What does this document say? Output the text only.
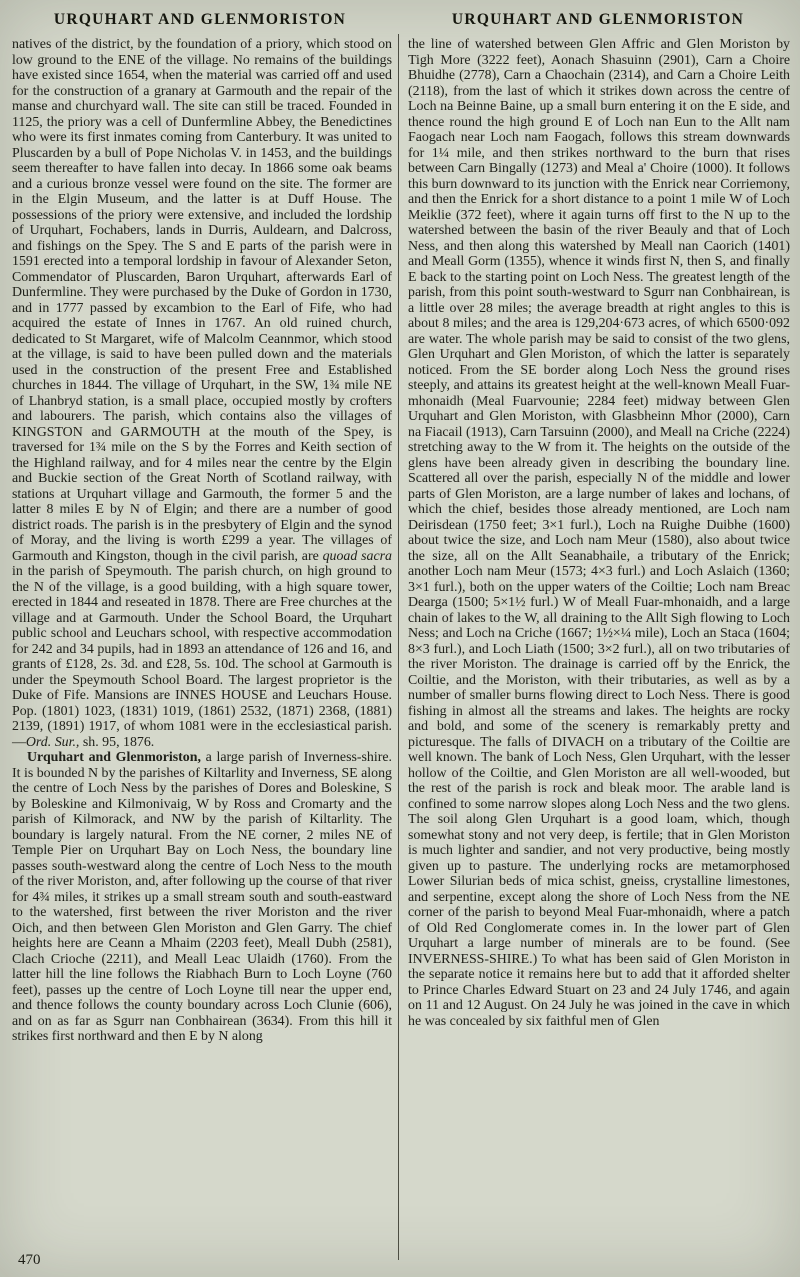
URQUHART AND GLENMORISTON	URQUHART AND GLENMORISTON

natives of the district, by the foundation of a priory, which stood on low ground to the ENE of the village. No remains of the buildings have existed since 1654, when the material was carried off and used for the construction of a granary at Garmouth and the repair of the manse and churchyard wall. The site can still be traced. Founded in 1125, the priory was a cell of Dunfermline Abbey, the Benedictines who were its first inmates coming from Canterbury. It was united to Pluscarden by a bull of Pope Nicholas V. in 1453, and the buildings seem thereafter to have fallen into decay. In 1866 some oak beams and a curious bronze vessel were found on the site. The former are in the Elgin Museum, and the latter is at Duff House. The possessions of the priory were extensive, and included the lordship of Urquhart, Fochabers, lands in Durris, Auldearn, and Dalcross, and fishings on the Spey. The S and E parts of the parish were in 1591 erected into a temporal lordship in favour of Alexander Seton, Commendator of Pluscarden, Baron Urquhart, afterwards Earl of Dunfermline. They were purchased by the Duke of Gordon in 1730, and in 1777 passed by excambion to the Earl of Fife, who had acquired the estate of Innes in 1767. An old ruined church, dedicated to St Margaret, wife of Malcolm Ceannmor, which stood at the village, is said to have been pulled down and the materials used in the construction of the present Free and Established churches in 1844. The village of Urquhart, in the SW, 1¾ mile NE of Lhanbryd station, is a small place, occupied mostly by crofters and labourers. The parish, which contains also the villages of KINGSTON and GARMOUTH at the mouth of the Spey, is traversed for 1¾ mile on the S by the Forres and Keith section of the Highland railway, and for 4 miles near the centre by the Elgin and Buckie section of the Great North of Scotland railway, with stations at Urquhart village and Garmouth, the former 5 and the latter 8 miles E by N of Elgin; and there are a number of good district roads. The parish is in the presbytery of Elgin and the synod of Moray, and the living is worth £299 a year. The villages of Garmouth and Kingston, though in the civil parish, are quoad sacra in the parish of Speymouth. The parish church, on high ground to the N of the village, is a good building, with a high square tower, erected in 1844 and reseated in 1878. There are Free churches at the village and at Garmouth. Under the School Board, the Urquhart public school and Leuchars school, with respective accommodation for 242 and 34 pupils, had in 1893 an attendance of 126 and 16, and grants of £128, 2s. 3d. and £28, 5s. 10d. The school at Garmouth is under the Speymouth School Board. The largest proprietor is the Duke of Fife. Mansions are INNES HOUSE and Leuchars House. Pop. (1801) 1023, (1831) 1019, (1861) 2532, (1871) 2368, (1881) 2139, (1891) 1917, of whom 1081 were in the ecclesiastical parish.—Ord. Sur., sh. 95, 1876.

Urquhart and Glenmoriston, a large parish of Inverness-shire. It is bounded N by the parishes of Kiltarlity and Inverness, SE along the centre of Loch Ness by the parishes of Dores and Boleskine, S by Boleskine and Kilmonivaig, W by Ross and Cromarty and the parish of Kilmorack, and NW by the parish of Kiltarlity. The boundary is largely natural. From the NE corner, 2 miles NE of Temple Pier on Urquhart Bay on Loch Ness, the boundary line passes south-westward along the centre of Loch Ness to the mouth of the river Moriston, and, after following up the course of that river for 4¾ miles, it strikes up a small stream south and south-eastward to the watershed, first between the river Moriston and the river Oich, and then between Glen Moriston and Glen Garry. The chief heights here are Ceann a Mhaim (2203 feet), Meall Dubh (2581), Clach Crioche (2211), and Meall Leac Ulaidh (1760). From the latter hill the line follows the Riabhach Burn to Loch Loyne (760 feet), passes up the centre of Loch Loyne till near the upper end, and thence follows the county boundary across Loch Clunie (606), and on as far as Sgurr nan Conbhairean (3634). From this hill it strikes first northward and then E by N along

the line of watershed between Glen Affric and Glen Moriston by Tigh More (3222 feet), Aonach Shasuinn (2901), Carn a Choire Bhuidhe (2778), Carn a Chaochain (2314), and Carn a Choire Leith (2118), from the last of which it strikes down across the centre of Loch na Beinne Baine, up a small burn entering it on the E side, and thence round the high ground E of Loch nan Eun to the Allt nam Faogach near Loch nam Faogach, follows this stream downwards for 1¼ mile, and then strikes northward to the burn that rises between Carn Bingally (1273) and Meal a' Choire (1000). It follows this burn downward to its junction with the Enrick near Corriemony, and then the Enrick for a short distance to a point 1 mile W of Loch Meiklie (372 feet), where it again turns off first to the N up to the watershed between the basin of the river Beauly and that of Loch Ness, and then along this watershed by Meall nan Caorich (1401) and Meall Gorm (1355), whence it winds first N, then S, and finally E back to the starting point on Loch Ness. The greatest length of the parish, from this point south-westward to Sgurr nan Conbhairean, is a little over 28 miles; the average breadth at right angles to this is about 8 miles; and the area is 129,204·673 acres, of which 6500·092 are water. The whole parish may be said to consist of the two glens, Glen Urquhart and Glen Moriston, of which the latter is separately noticed. From the SE border along Loch Ness the ground rises steeply, and attains its greatest height at the well-known Meall Fuar-mhonaidh (Meal Fuarvounie; 2284 feet) midway between Glen Urquhart and Glen Moriston, with Glasbheinn Mhor (2000), Carn na Fiacail (1913), Carn Tarsuinn (2000), and Meall na Criche (2224) stretching away to the W from it. The heights on the outside of the glens have been already given in describing the boundary line. Scattered all over the parish, especially N of the middle and lower parts of Glen Moriston, are a large number of lakes and lochans, of which the chief, besides those already mentioned, are Loch nam Deirisdean (1750 feet; 3×1 furl.), Loch na Ruighe Duibhe (1600) about twice the size, and Loch nam Meur (1580), also about twice the size, all on the Allt Seanabhaile, a tributary of the Enrick; another Loch nam Meur (1573; 4×3 furl.) and Loch Aslaich (1360; 3×1 furl.), both on the upper waters of the Coiltie; Loch nam Breac Dearga (1500; 5×1½ furl.) W of Meall Fuar-mhonaidh, and a large chain of lakes to the W, all draining to the Allt Sigh flowing to Loch Ness; and Loch na Criche (1667; 1½×¼ mile), Loch an Staca (1604; 8×3 furl.), and Loch Liath (1500; 3×2 furl.), all on two tributaries of the river Moriston. The drainage is carried off by the Enrick, the Coiltie, and the Moriston, with their tributaries, as well as by a number of smaller burns flowing direct to Loch Ness. There is good fishing in almost all the streams and lakes. The heights are rocky and bold, and some of the scenery is remarkably pretty and picturesque. The falls of DIVACH on a tributary of the Coiltie are well known. The bank of Loch Ness, Glen Urquhart, with the lesser hollow of the Coiltie, and Glen Moriston are all well-wooded, but the rest of the parish is rock and bleak moor. The arable land is confined to some narrow slopes along Loch Ness and the two glens. The soil along Glen Urquhart is a good loam, which, though somewhat stony and not very deep, is fertile; that in Glen Moriston is much lighter and sandier, and not very productive, being mostly given up to pasture. The underlying rocks are metamorphosed Lower Silurian beds of mica schist, gneiss, crystalline limestones, and serpentine, except along the shore of Loch Ness from the NE corner of the parish to beyond Meal Fuar-mhonaidh, where a patch of Old Red Conglomerate comes in. In the lower part of Glen Urquhart a large number of minerals are to be found. (See INVERNESS-SHIRE.) To what has been said of Glen Moriston in the separate notice it remains here but to add that it afforded shelter to Prince Charles Edward Stuart on 23 and 24 July 1746, and again on 11 and 12 August. On 24 July he was joined in the cave in which he was concealed by six faithful men of Glen

470
